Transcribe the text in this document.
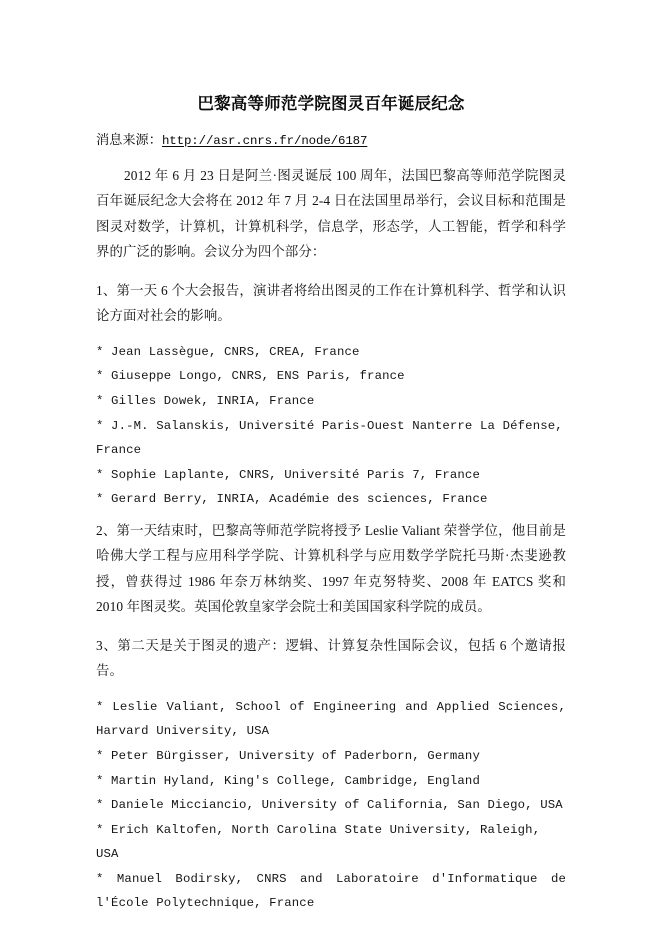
巴黎高等师范学院图灵百年诞辰纪念

消息来源：http://asr.cnrs.fr/node/6187

2012 年 6 月 23 日是阿兰·图灵诞辰 100 周年，法国巴黎高等师范学院图灵百年诞辰纪念大会将在 2012 年 7 月 2-4 日在法国里昂举行，会议目标和范围是图灵对数学，计算机，计算机科学，信息学，形态学，人工智能，哲学和科学界的广泛的影响。会议分为四个部分：

1、第一天 6 个大会报告，演讲者将给出图灵的工作在计算机科学、哲学和认识论方面对社会的影响。

* Jean Lassègue, CNRS, CREA, France
* Giuseppe Longo, CNRS, ENS Paris, france
* Gilles Dowek, INRIA, France
* J.-M. Salanskis, Université Paris-Ouest Nanterre La Défense, France
* Sophie Laplante, CNRS, Université Paris 7, France
* Gerard Berry, INRIA, Académie des sciences, France

2、第一天结束时，巴黎高等师范学院将授予 Leslie Valiant 荣誉学位，他目前是哈佛大学工程与应用科学学院、计算机科学与应用数学学院托马斯·杰斐逊教授，曾获得过 1986 年奈万林纳奖、1997 年克努特奖、2008 年 EATCS 奖和 2010 年图灵奖。英国伦敦皇家学会院士和美国国家科学院的成员。

3、第二天是关于图灵的遗产：逻辑、计算复杂性国际会议，包括 6 个邀请报告。

* Leslie Valiant, School of Engineering and Applied Sciences, Harvard University, USA
* Peter Bürgisser, University of Paderborn, Germany
* Martin Hyland, King's College, Cambridge, England
* Daniele Micciancio, University of California, San Diego, USA
* Erich Kaltofen, North Carolina State University, Raleigh, USA
* Manuel Bodirsky, CNRS and Laboratoire d'Informatique de l'École Polytechnique, France
